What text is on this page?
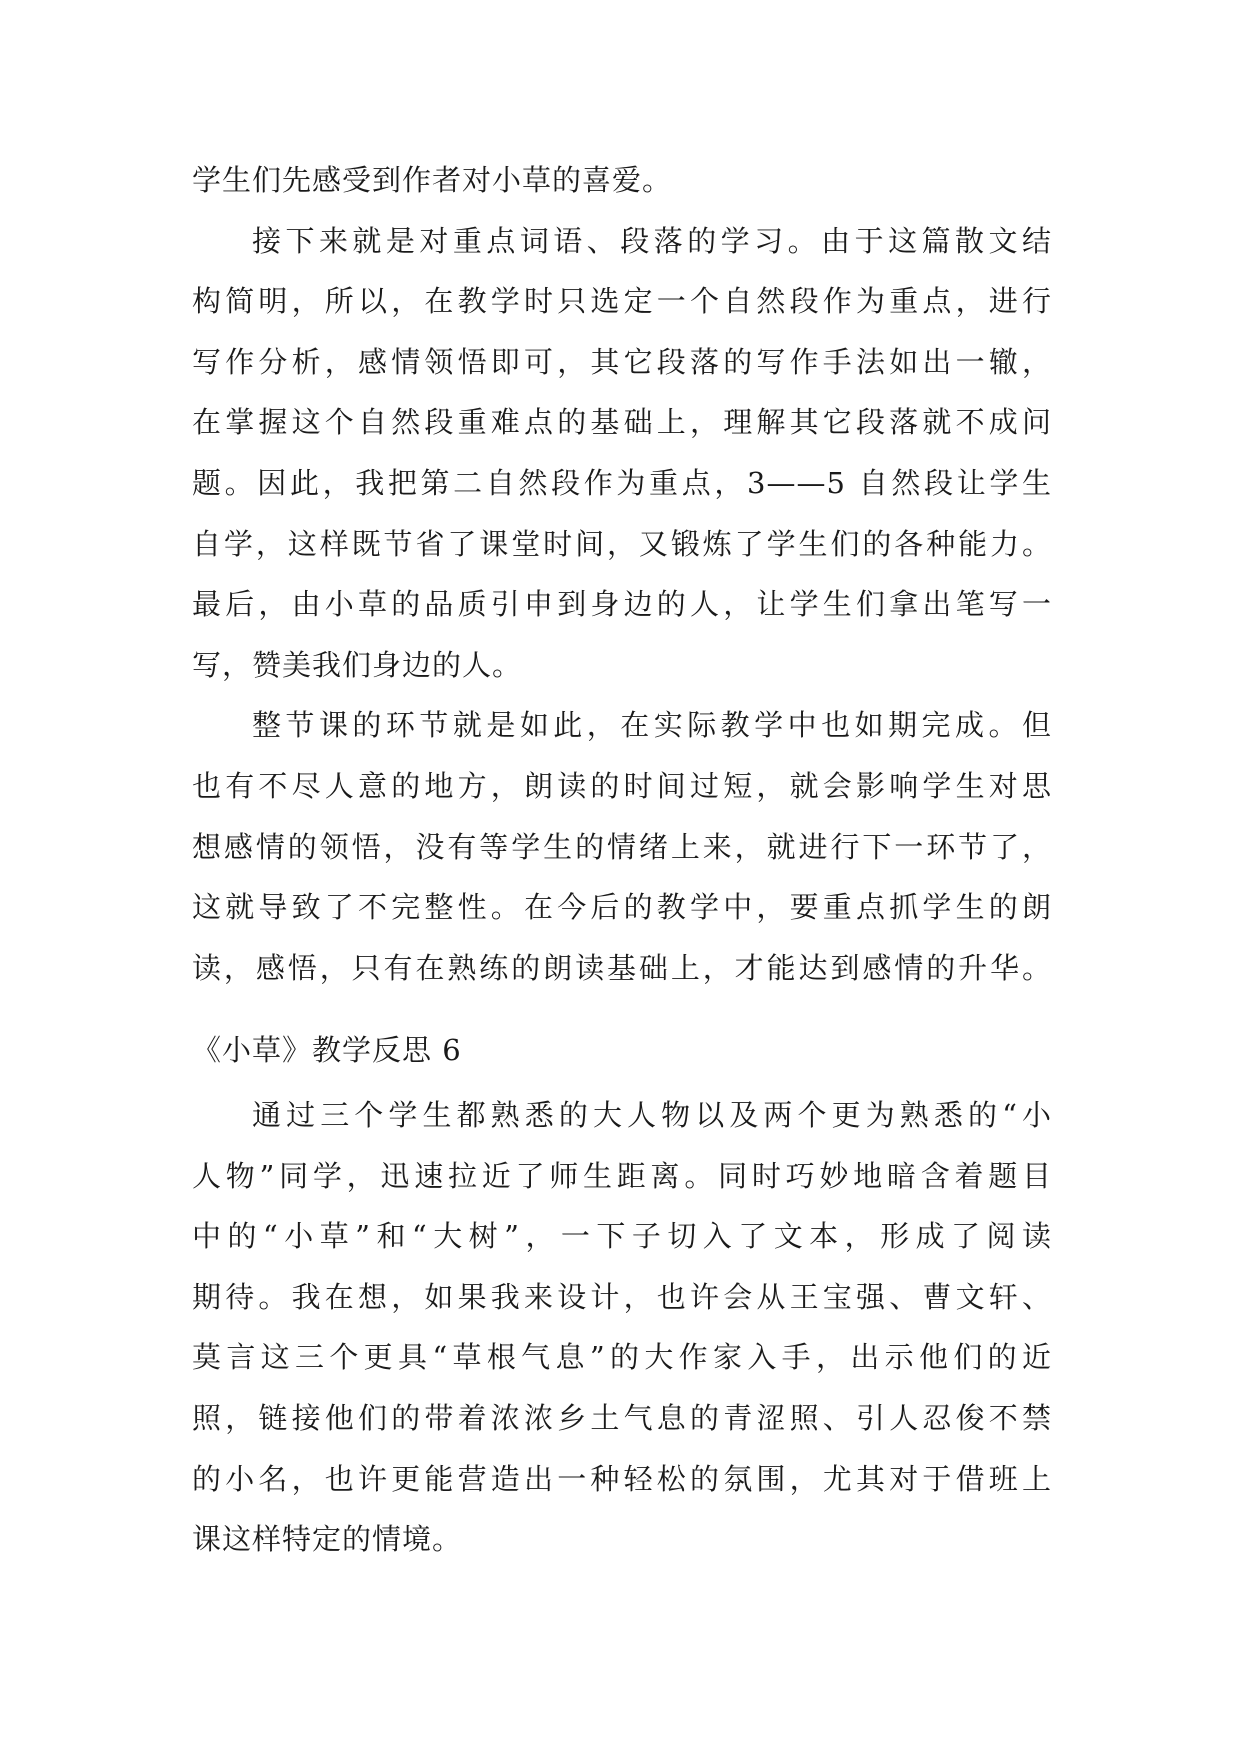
学生们先感受到作者对小草的喜爱。
接下来就是对重点词语、段落的学习。由于这篇散文结
构简明，所以，在教学时只选定一个自然段作为重点，进行
写作分析，感情领悟即可，其它段落的写作手法如出一辙，
在掌握这个自然段重难点的基础上，理解其它段落就不成问
题。因此，我把第二自然段作为重点，3——5 自然段让学生
自学，这样既节省了课堂时间，又锻炼了学生们的各种能力。
最后，由小草的品质引申到身边的人，让学生们拿出笔写一
写，赞美我们身边的人。
整节课的环节就是如此，在实际教学中也如期完成。但
也有不尽人意的地方，朗读的时间过短，就会影响学生对思
想感情的领悟，没有等学生的情绪上来，就进行下一环节了，
这就导致了不完整性。在今后的教学中，要重点抓学生的朗
读，感悟，只有在熟练的朗读基础上，才能达到感情的升华。
《小草》教学反思 6
通过三个学生都熟悉的大人物以及两个更为熟悉的“小
人物”同学，迅速拉近了师生距离。同时巧妙地暗含着题目
中的“小草”和“大树”，一下子切入了文本，形成了阅读
期待。我在想，如果我来设计，也许会从王宝强、曹文轩、
莫言这三个更具“草根气息”的大作家入手，出示他们的近
照，链接他们的带着浓浓乡土气息的青涩照、引人忍俊不禁
的小名，也许更能营造出一种轻松的氛围，尤其对于借班上
课这样特定的情境。
